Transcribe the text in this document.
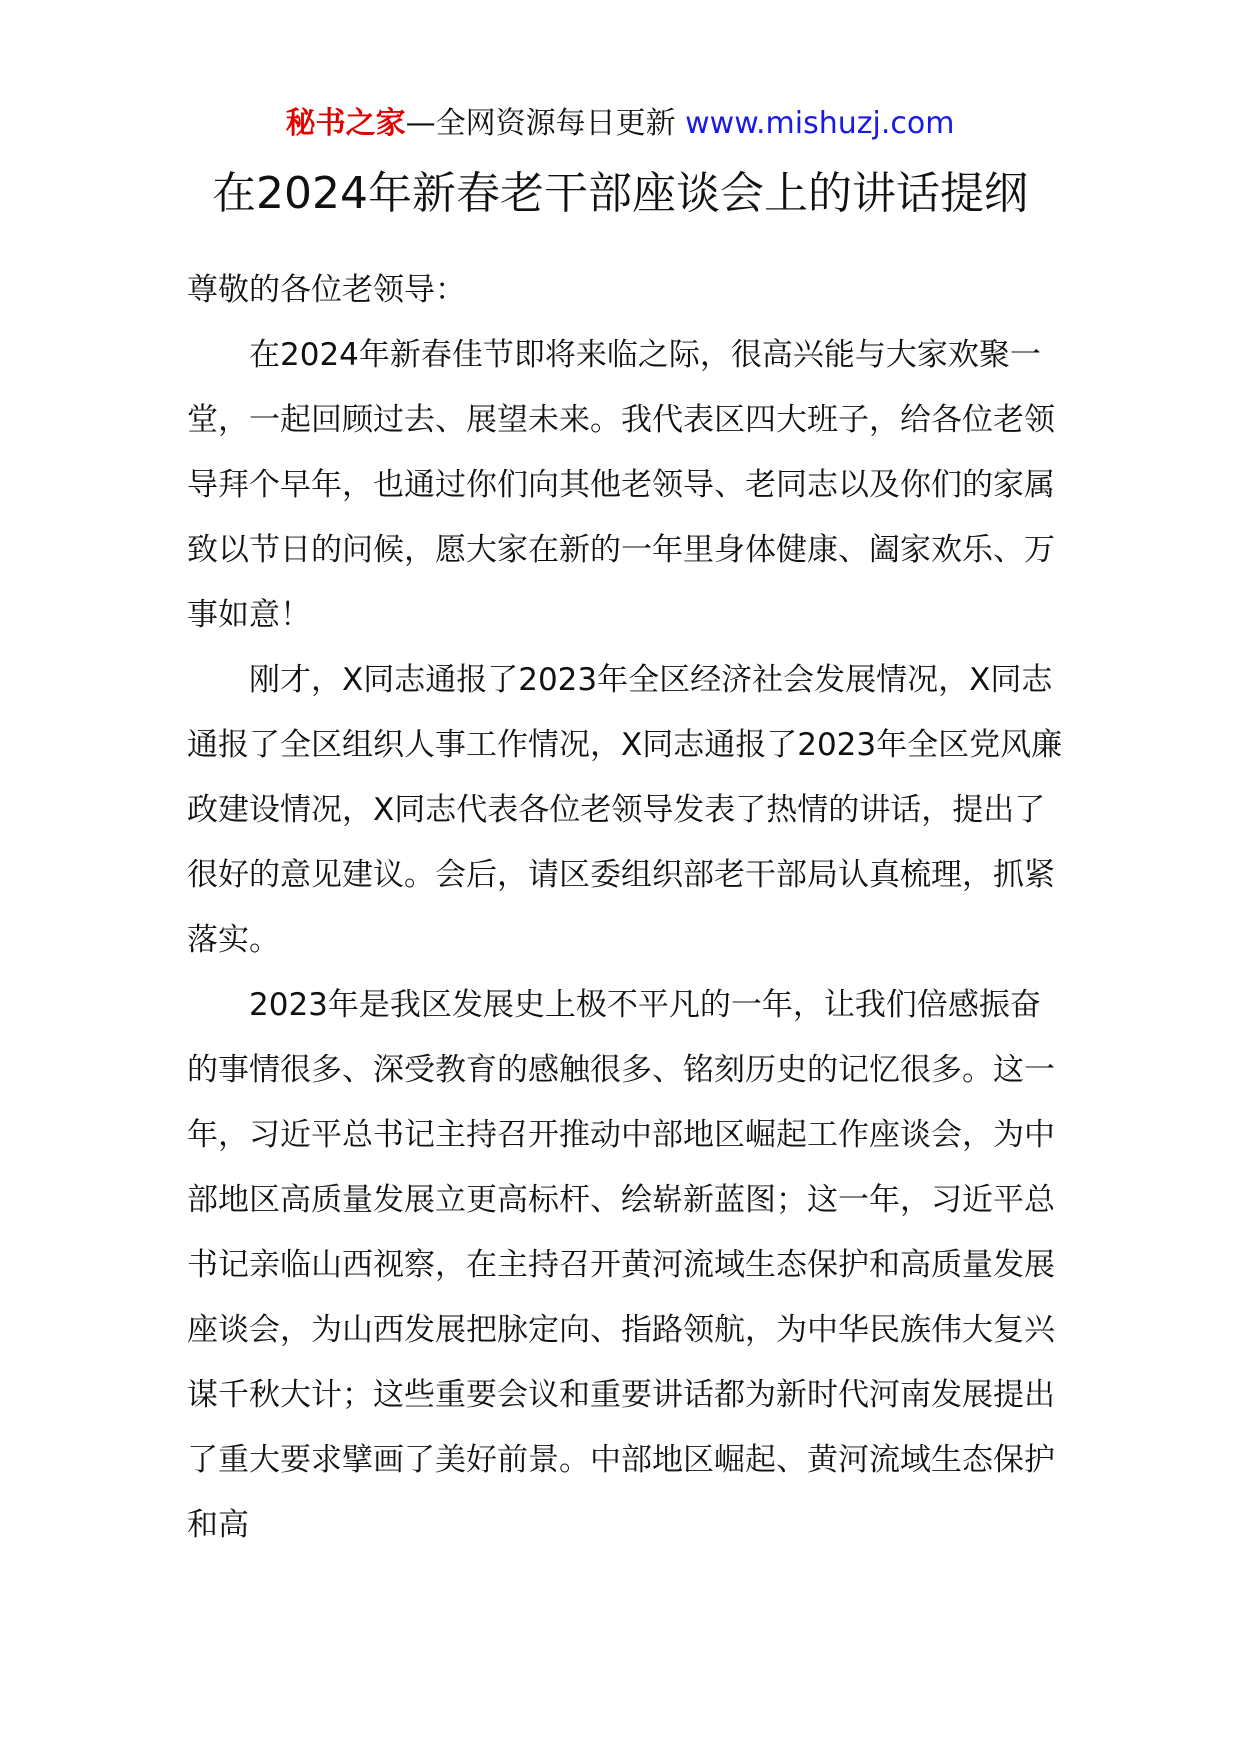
秘书之家—全网资源每日更新 www.mishuzj.com
在2024年新春老干部座谈会上的讲话提纲

尊敬的各位老领导：

在2024年新春佳节即将来临之际，很高兴能与大家欢聚一堂，一起回顾过去、展望未来。我代表区四大班子，给各位老领导拜个早年，也通过你们向其他老领导、老同志以及你们的家属致以节日的问候，愿大家在新的一年里身体健康、阖家欢乐、万事如意！

刚才，X同志通报了2023年全区经济社会发展情况，X同志通报了全区组织人事工作情况，X同志通报了2023年全区党风廉政建设情况，X同志代表各位老领导发表了热情的讲话，提出了很好的意见建议。会后，请区委组织部老干部局认真梳理，抓紧落实。

2023年是我区发展史上极不平凡的一年，让我们倍感振奋的事情很多、深受教育的感触很多、铭刻历史的记忆很多。这一年，习近平总书记主持召开推动中部地区崛起工作座谈会，为中部地区高质量发展立更高标杆、绘崭新蓝图；这一年，习近平总书记亲临山西视察，在主持召开黄河流域生态保护和高质量发展座谈会，为山西发展把脉定向、指路领航，为中华民族伟大复兴谋千秋大计；这些重要会议和重要讲话都为新时代河南发展提出了重大要求擘画了美好前景。中部地区崛起、黄河流域生态保护和高
